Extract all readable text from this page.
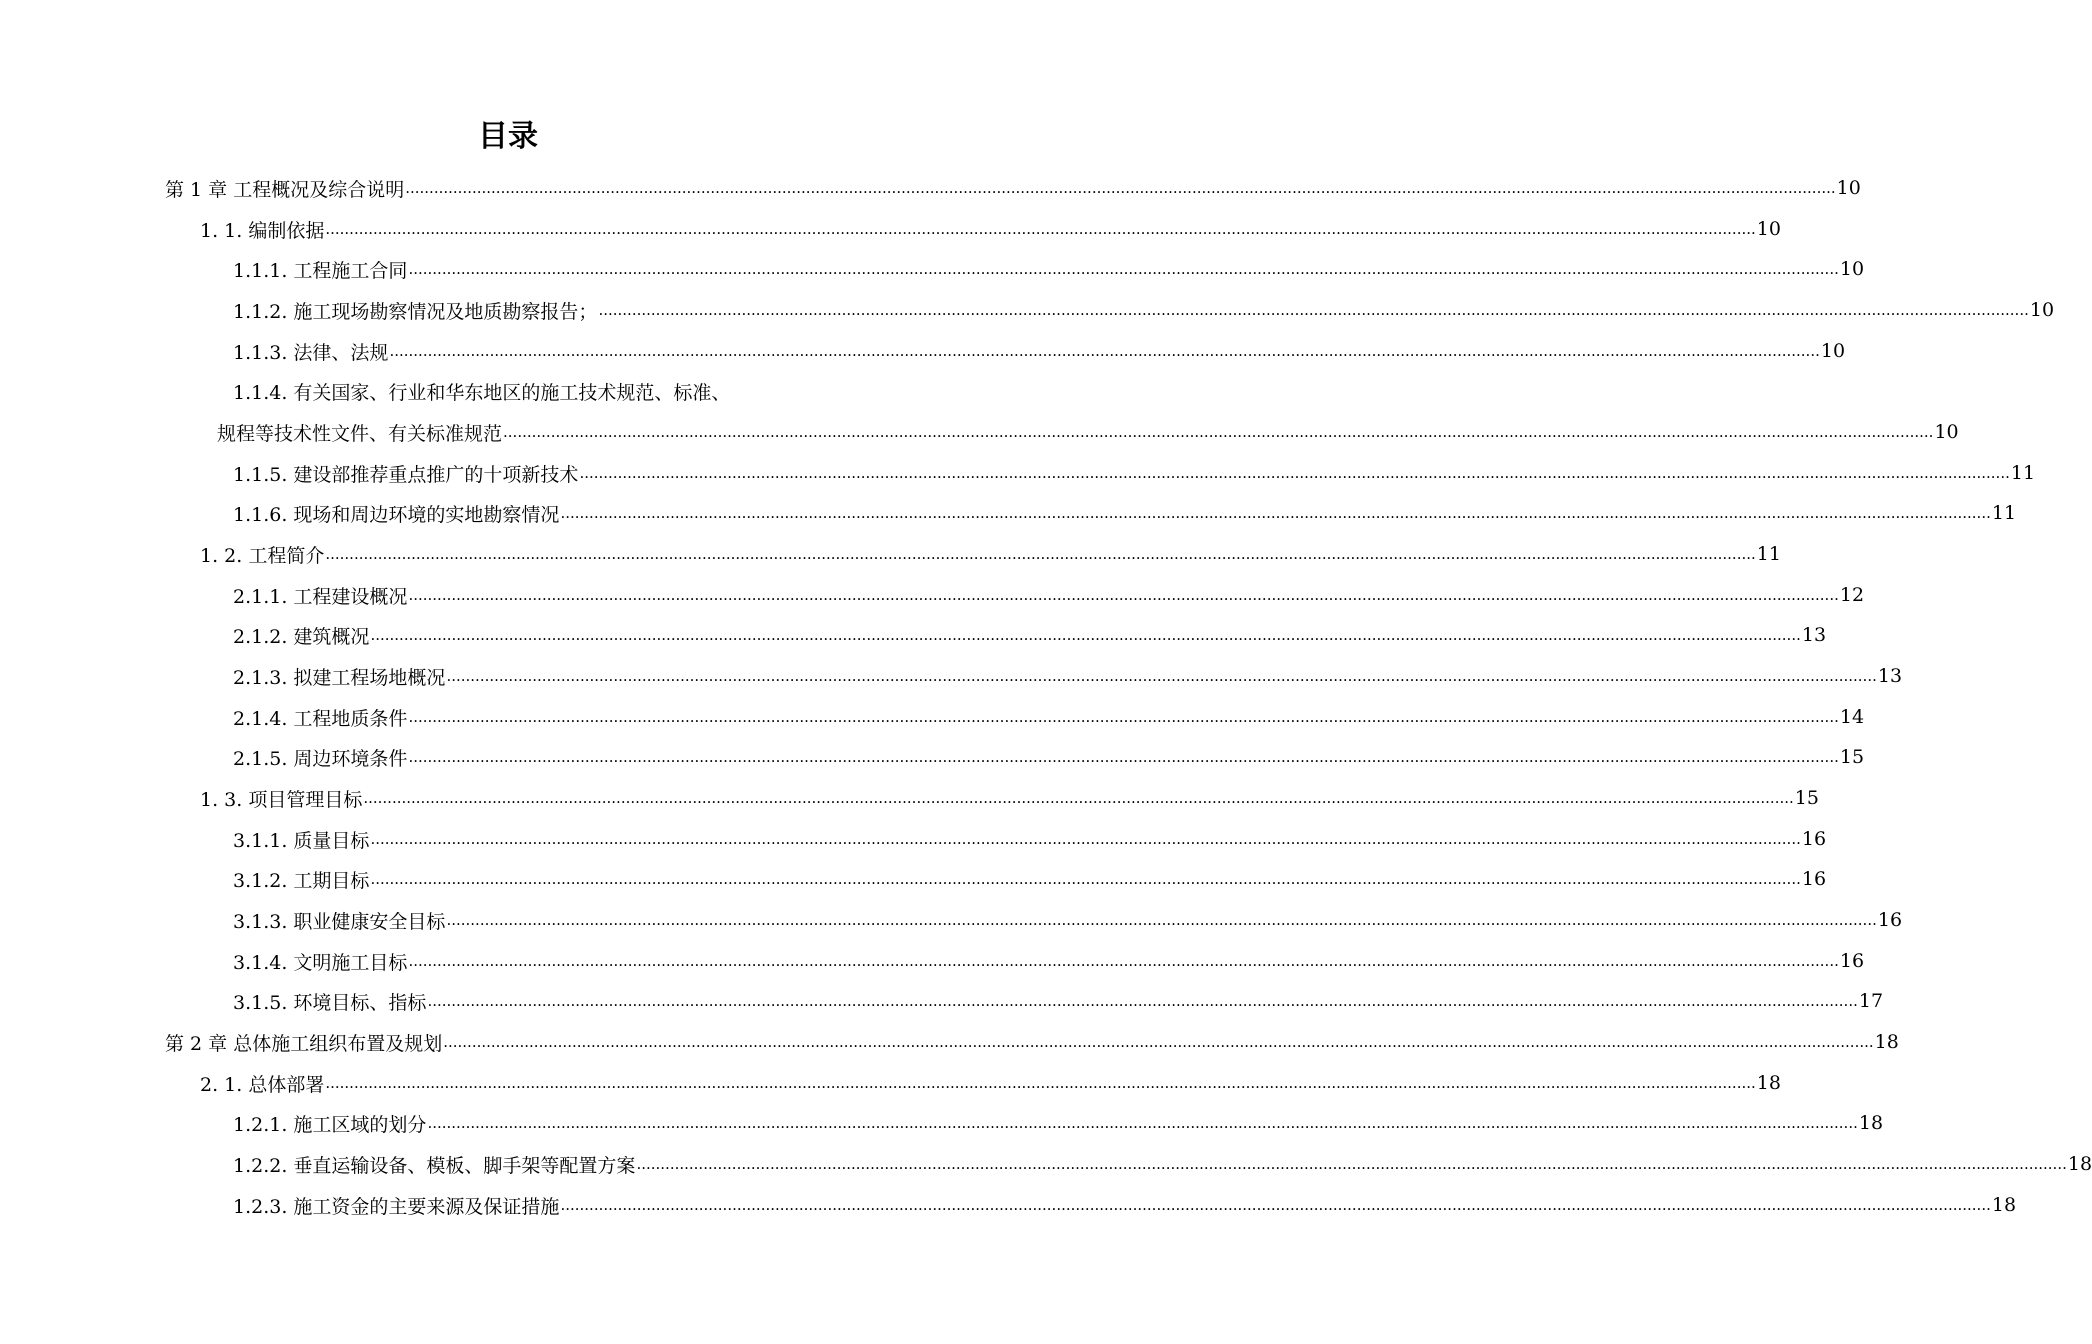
目录
第 1 章 工程概况及综合说明 ............................................................................................................................................................................................................................................................................................................ 10
1. 1. 编制依据 ............................................................................................................................................................................................................................................................................................................ 10
1.1.1. 工程施工合同 ............................................................................................................................................................................................................................................................................................................ 10
1.1.2. 施工现场勘察情况及地质勘察报告； ............................................................................................................................................................................................................................................................................................................ 10
1.1.3. 法律、法规 ............................................................................................................................................................................................................................................................................................................ 10
1.1.4. 有关国家、行业和华东地区的施工技术规范、标准、
规程等技术性文件、有关标准规范 ............................................................................................................................................................................................................................................................................................................ 10
1.1.5. 建设部推荐重点推广的十项新技术 ............................................................................................................................................................................................................................................................................................................ 11
1.1.6. 现场和周边环境的实地勘察情况 ............................................................................................................................................................................................................................................................................................................ 11
1. 2. 工程简介 ............................................................................................................................................................................................................................................................................................................ 11
2.1.1. 工程建设概况 ............................................................................................................................................................................................................................................................................................................ 12
2.1.2. 建筑概况 ............................................................................................................................................................................................................................................................................................................ 13
2.1.3. 拟建工程场地概况 ............................................................................................................................................................................................................................................................................................................ 13
2.1.4. 工程地质条件 ............................................................................................................................................................................................................................................................................................................ 14
2.1.5. 周边环境条件 ............................................................................................................................................................................................................................................................................................................ 15
1. 3. 项目管理目标 ............................................................................................................................................................................................................................................................................................................ 15
3.1.1. 质量目标 ............................................................................................................................................................................................................................................................................................................ 16
3.1.2. 工期目标 ............................................................................................................................................................................................................................................................................................................ 16
3.1.3. 职业健康安全目标 ............................................................................................................................................................................................................................................................................................................ 16
3.1.4. 文明施工目标 ............................................................................................................................................................................................................................................................................................................ 16
3.1.5. 环境目标、指标 ............................................................................................................................................................................................................................................................................................................ 17
第 2 章 总体施工组织布置及规划 ............................................................................................................................................................................................................................................................................................................ 18
2. 1. 总体部署 ............................................................................................................................................................................................................................................................................................................ 18
1.2.1. 施工区域的划分 ............................................................................................................................................................................................................................................................................................................ 18
1.2.2. 垂直运输设备、模板、脚手架等配置方案 ............................................................................................................................................................................................................................................................................................................ 18
1.2.3. 施工资金的主要来源及保证措施 ............................................................................................................................................................................................................................................................................................................ 18
